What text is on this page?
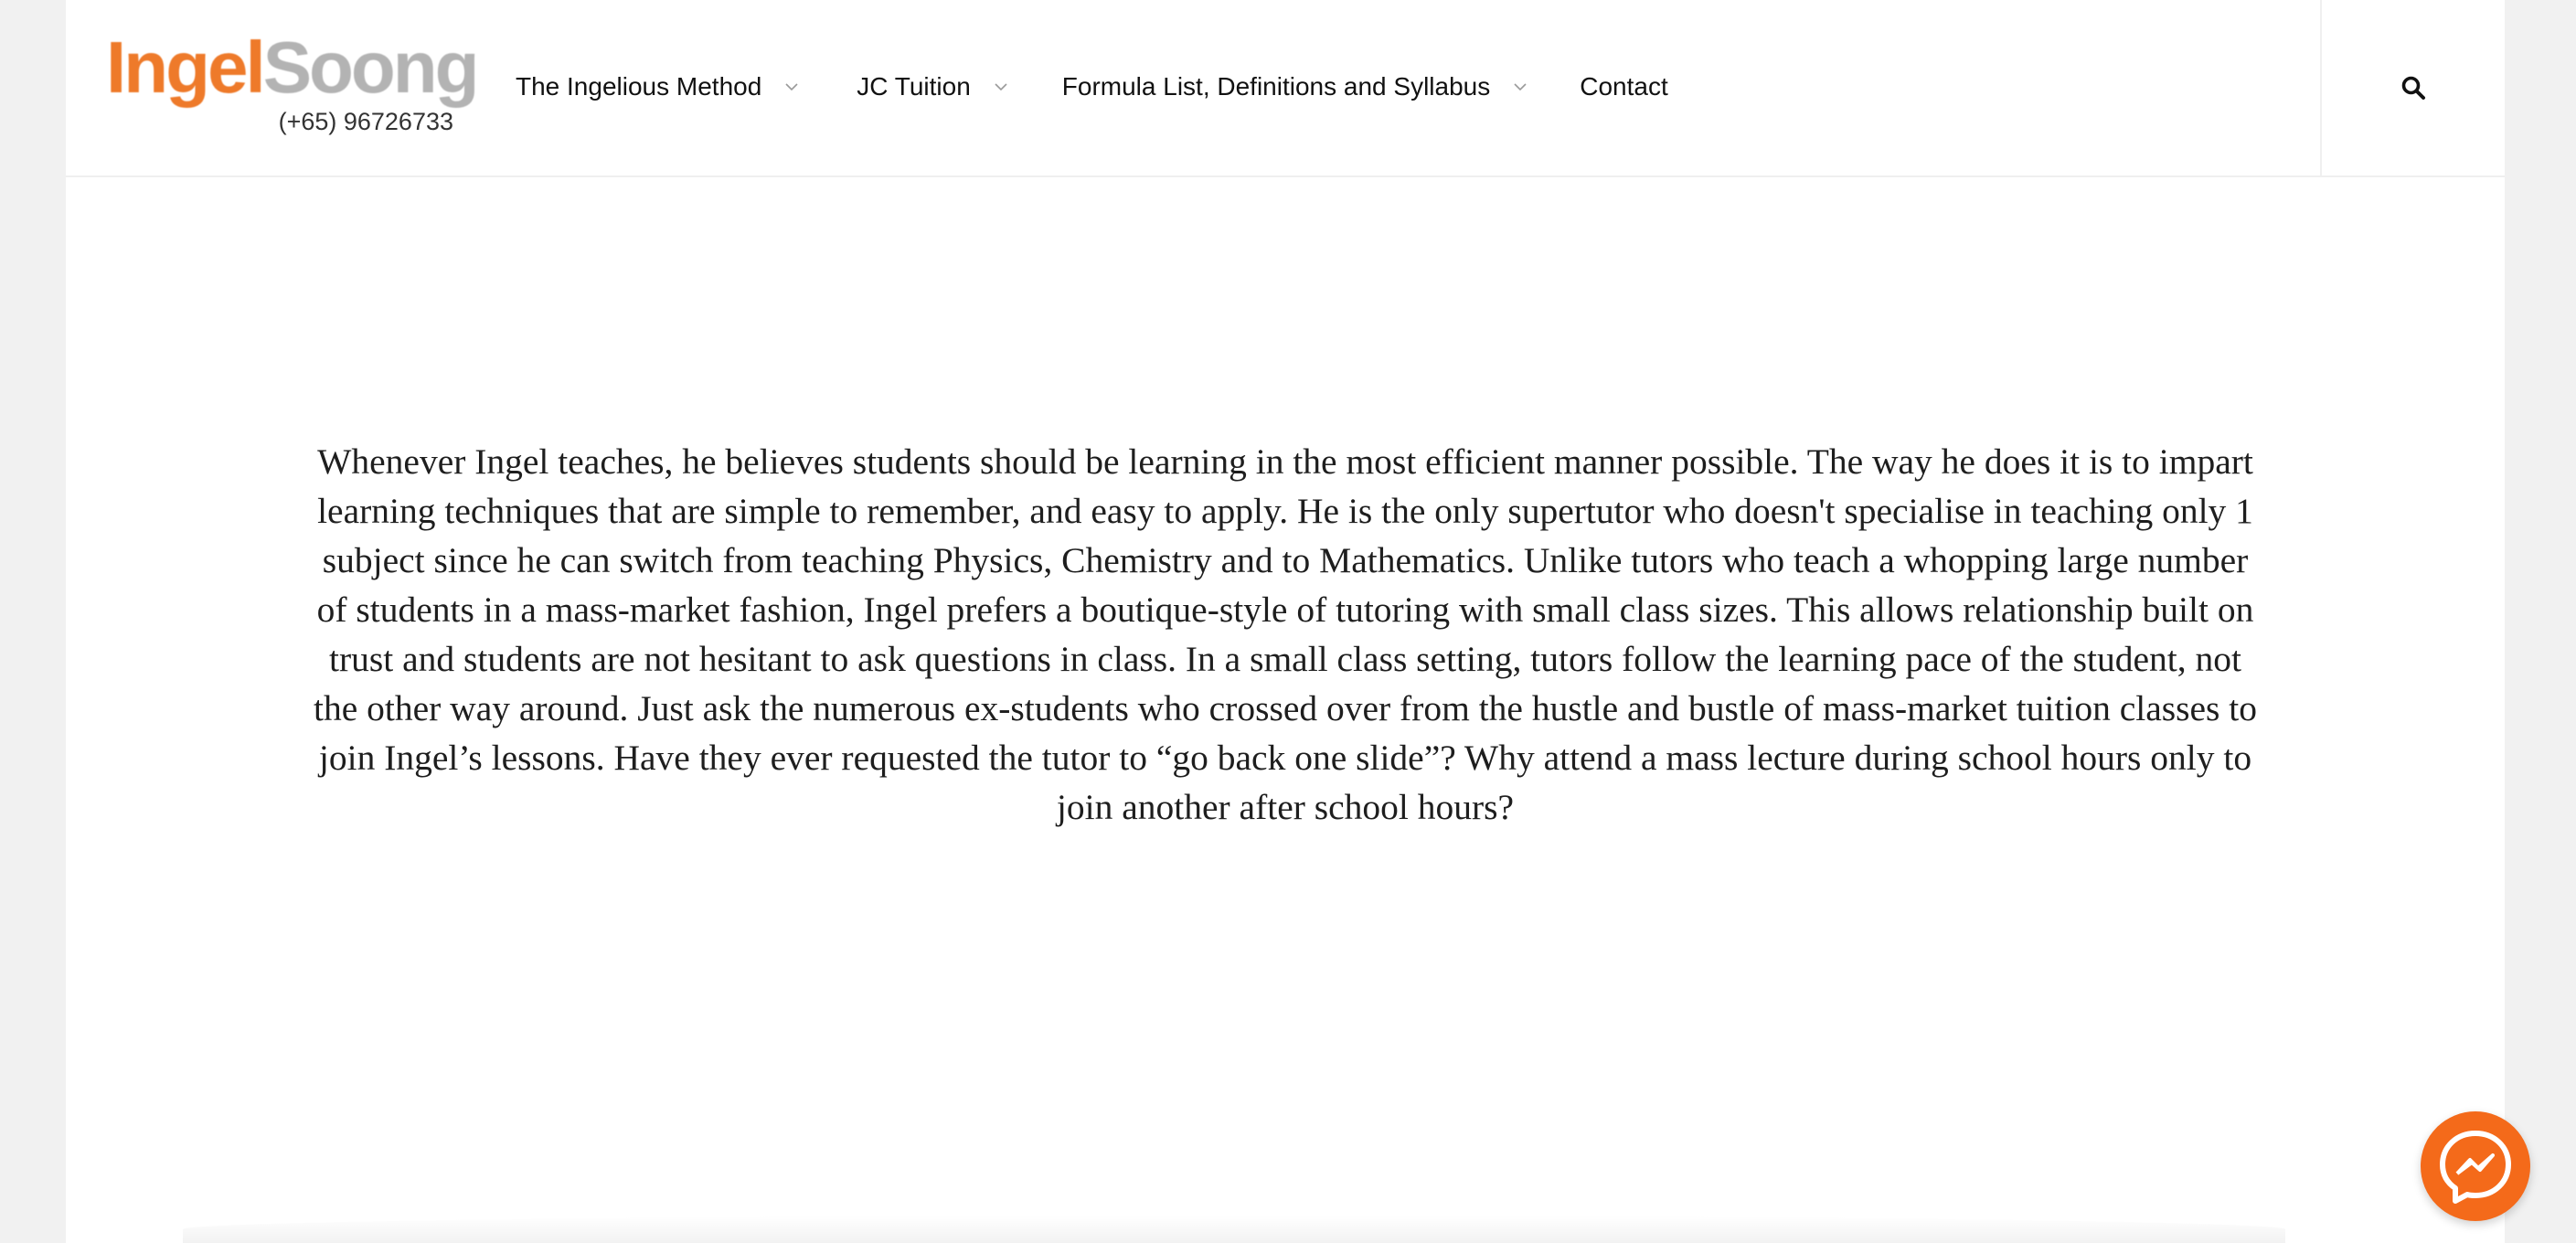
IngelSoong
(+65) 96726733
The Ingelious Method	JC Tuition	Formula List, Definitions and Syllabus	Contact

Whenever Ingel teaches, he believes students should be learning in the most efficient manner possible. The way he does it is to impart learning techniques that are simple to remember, and easy to apply. He is the only supertutor who doesn't specialise in teaching only 1 subject since he can switch from teaching Physics, Chemistry and to Mathematics. Unlike tutors who teach a whopping large number of students in a mass-market fashion, Ingel prefers a boutique-style of tutoring with small class sizes. This allows relationship built on trust and students are not hesitant to ask questions in class. In a small class setting, tutors follow the learning pace of the student, not the other way around. Just ask the numerous ex-students who crossed over from the hustle and bustle of mass-market tuition classes to join Ingel’s lessons. Have they ever requested the tutor to “go back one slide”? Why attend a mass lecture during school hours only to join another after school hours?
